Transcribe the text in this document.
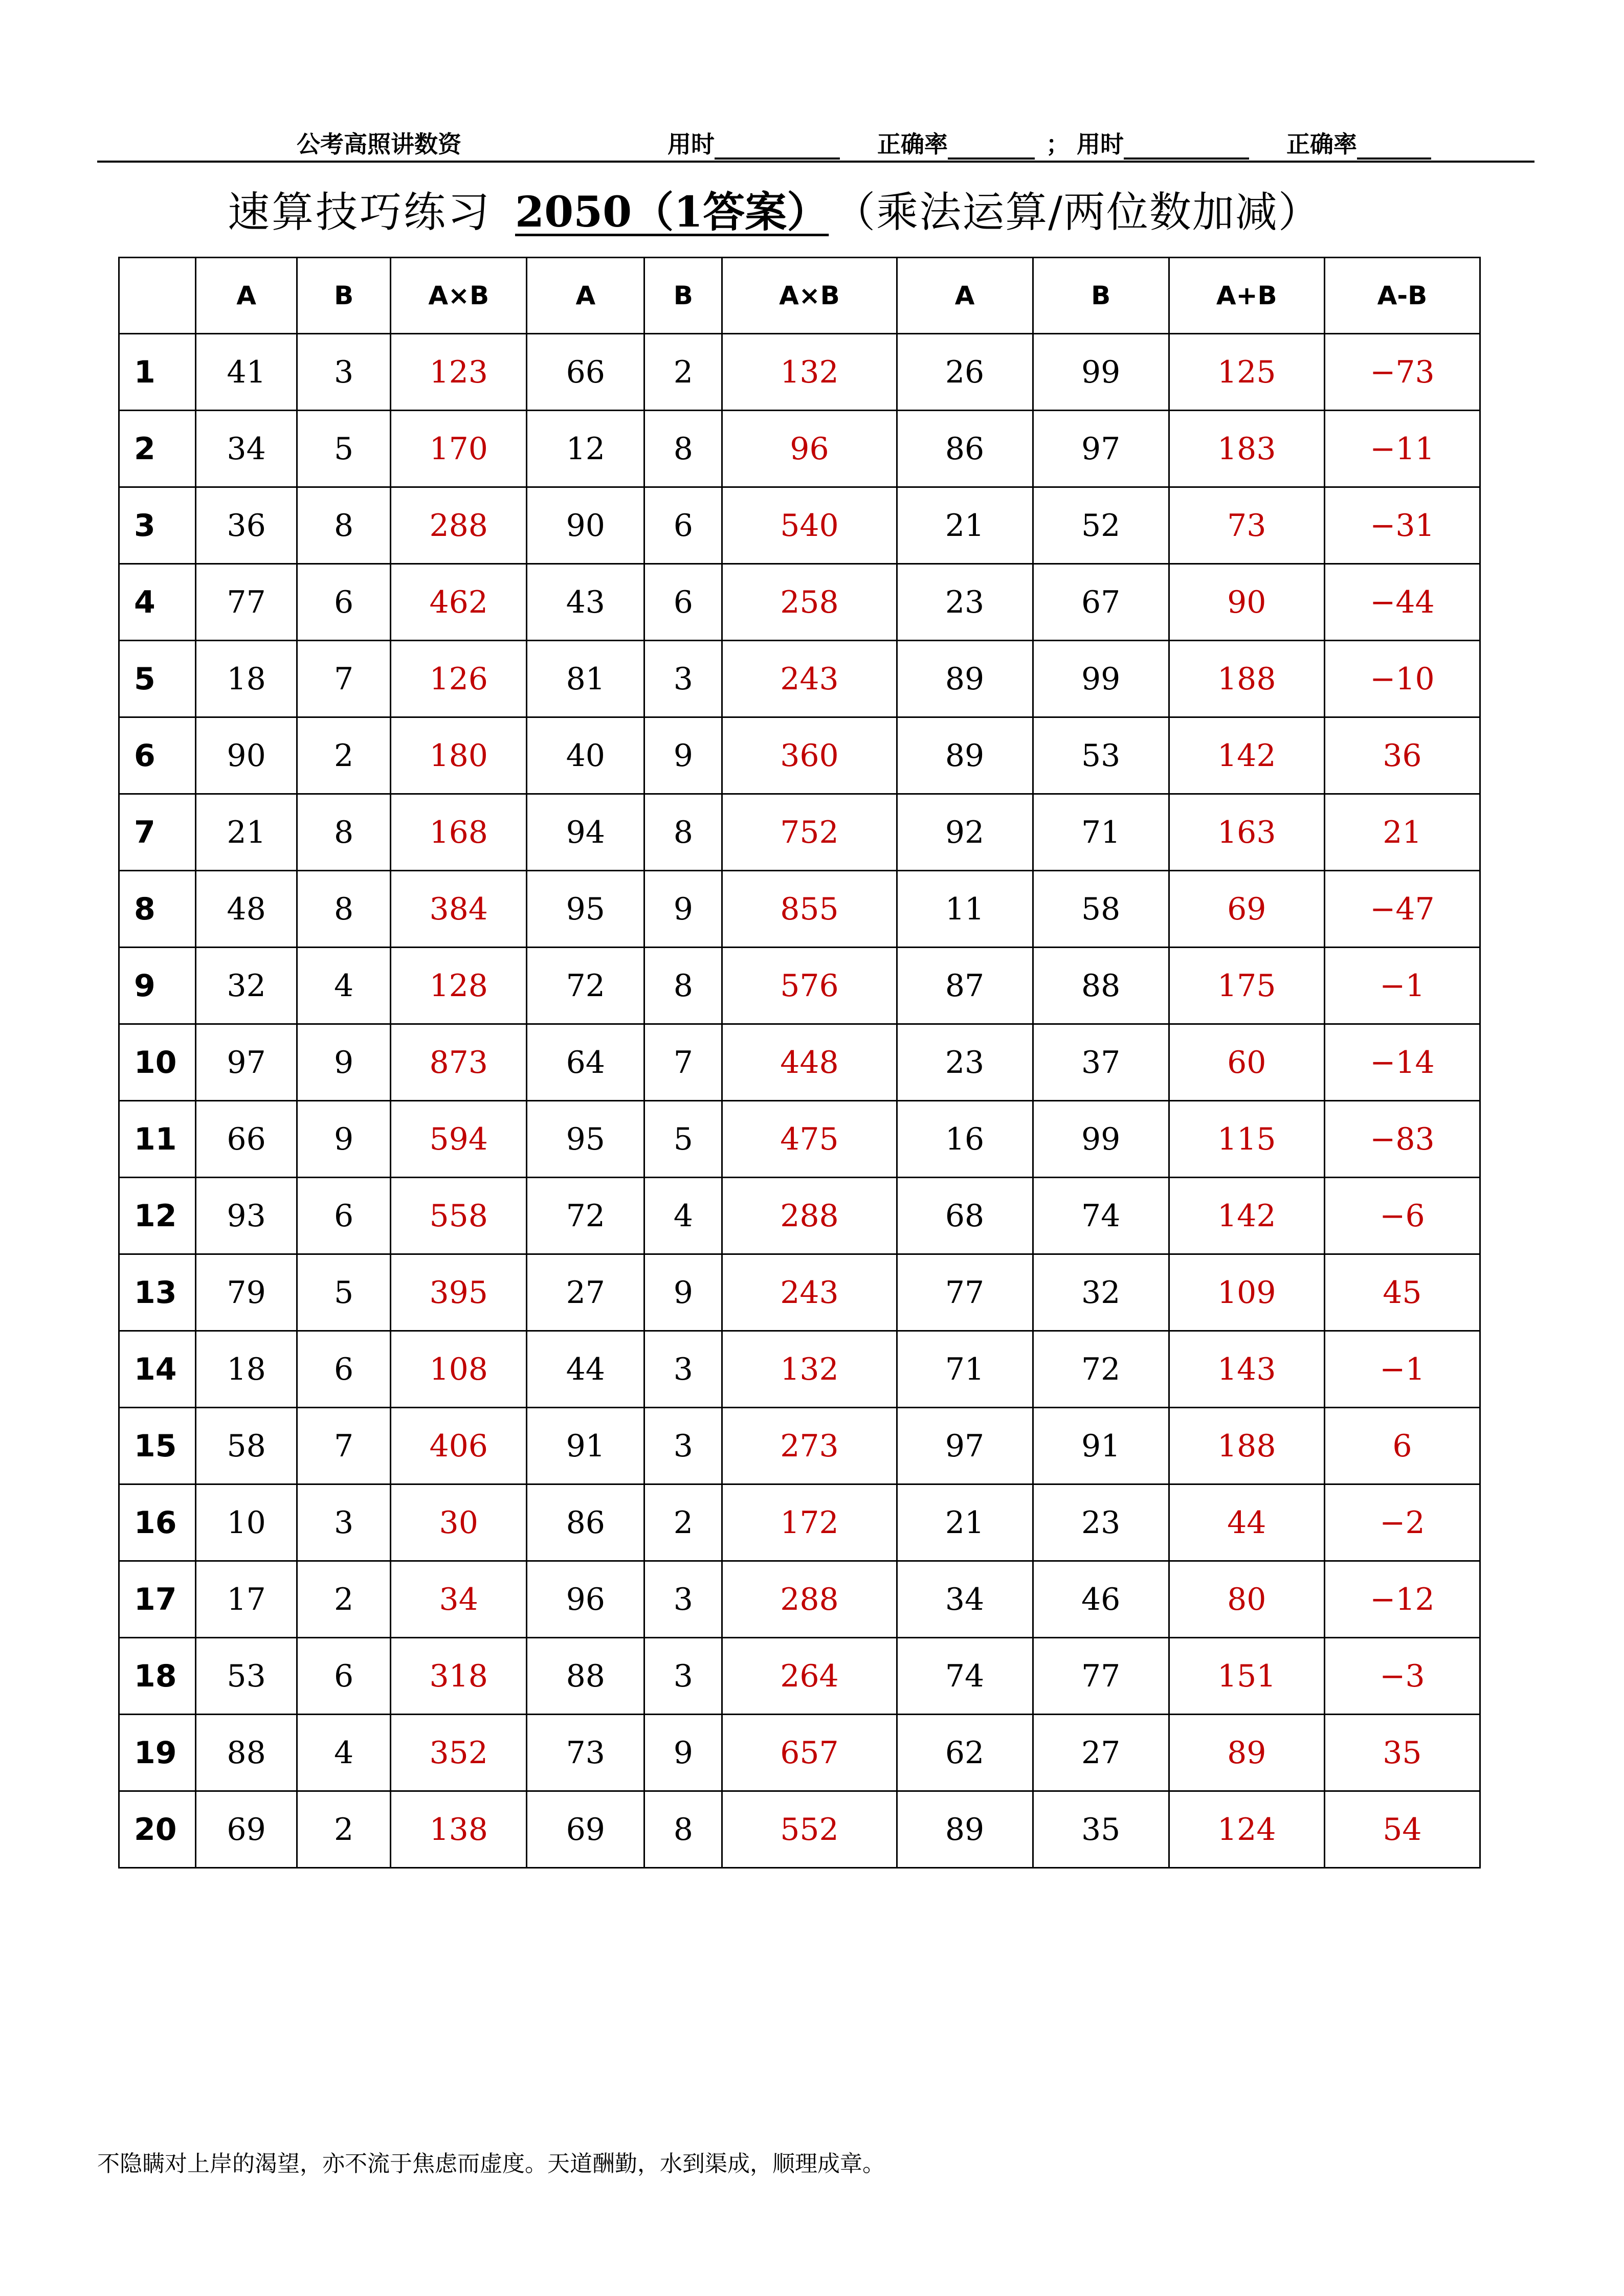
公考高照讲数资	用时	正确率	； 用时	正确率
速算技巧练习 2050（1答案） （乘法运算/两位数加减）
	A	B	A×B	A	B	A×B	A	B	A+B	A-B
1	41	3	123	66	2	132	26	99	125	−73
2	34	5	170	12	8	96	86	97	183	−11
3	36	8	288	90	6	540	21	52	73	−31
4	77	6	462	43	6	258	23	67	90	−44
5	18	7	126	81	3	243	89	99	188	−10
6	90	2	180	40	9	360	89	53	142	36
7	21	8	168	94	8	752	92	71	163	21
8	48	8	384	95	9	855	11	58	69	−47
9	32	4	128	72	8	576	87	88	175	−1
10	97	9	873	64	7	448	23	37	60	−14
11	66	9	594	95	5	475	16	99	115	−83
12	93	6	558	72	4	288	68	74	142	−6
13	79	5	395	27	9	243	77	32	109	45
14	18	6	108	44	3	132	71	72	143	−1
15	58	7	406	91	3	273	97	91	188	6
16	10	3	30	86	2	172	21	23	44	−2
17	17	2	34	96	3	288	34	46	80	−12
18	53	6	318	88	3	264	74	77	151	−3
19	88	4	352	73	9	657	62	27	89	35
20	69	2	138	69	8	552	89	35	124	54
不隐瞒对上岸的渴望，亦不流于焦虑而虚度。天道酬勤，水到渠成，顺理成章。
